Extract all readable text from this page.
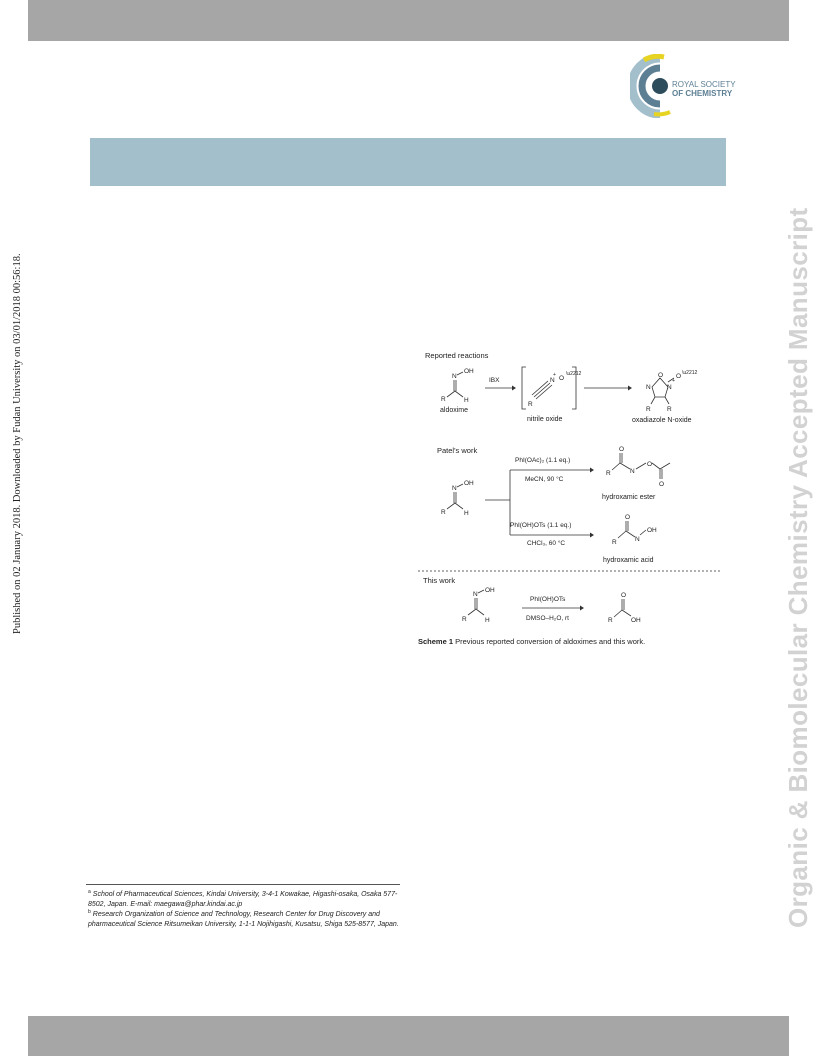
ROYAL SOCIETY
OF CHEMISTRY
Published on 02 January 2018. Downloaded by Fudan University on 03/01/2018 00:56:18.	Organic & Biomolecular Chemistry Accepted Manuscript
Reported reactions
N
OH
R	H
aldoxime
IBX
R
N
+ O
\u2212
nitrile oxide
N
O
N
+
O \u2212
R	R
oxadiazole N-oxide
Patel's work
N
OH
R	H
PhI(OAc)₂ (1.1 eq.)
MeCN, 90 °C
PhI(OH)OTs (1.1 eq.)
CHCl₃, 60 °C
O
R	N
O
O
hydroxamic ester
O
R	N
OH
hydroxamic acid
This work
N
OH
R	H
PhI(OH)OTs
DMSO–H₂O, rt
O
R	OH
Scheme 1 Previous reported conversion of aldoximes and this work.
$^a$ School of Pharmaceutical Sciences, Kindai University, 3-4-1 Kowakae, Higashi-osaka, Osaka 577-8502, Japan. E-mail: maegawa@phar.kindai.ac.jp
$^b$ Research Organization of Science and Technology, Research Center for Drug Discovery and pharmaceutical Science Ritsumeikan University, 1-1-1 Nojihigashi, Kusatsu, Shiga 525-8577, Japan.
